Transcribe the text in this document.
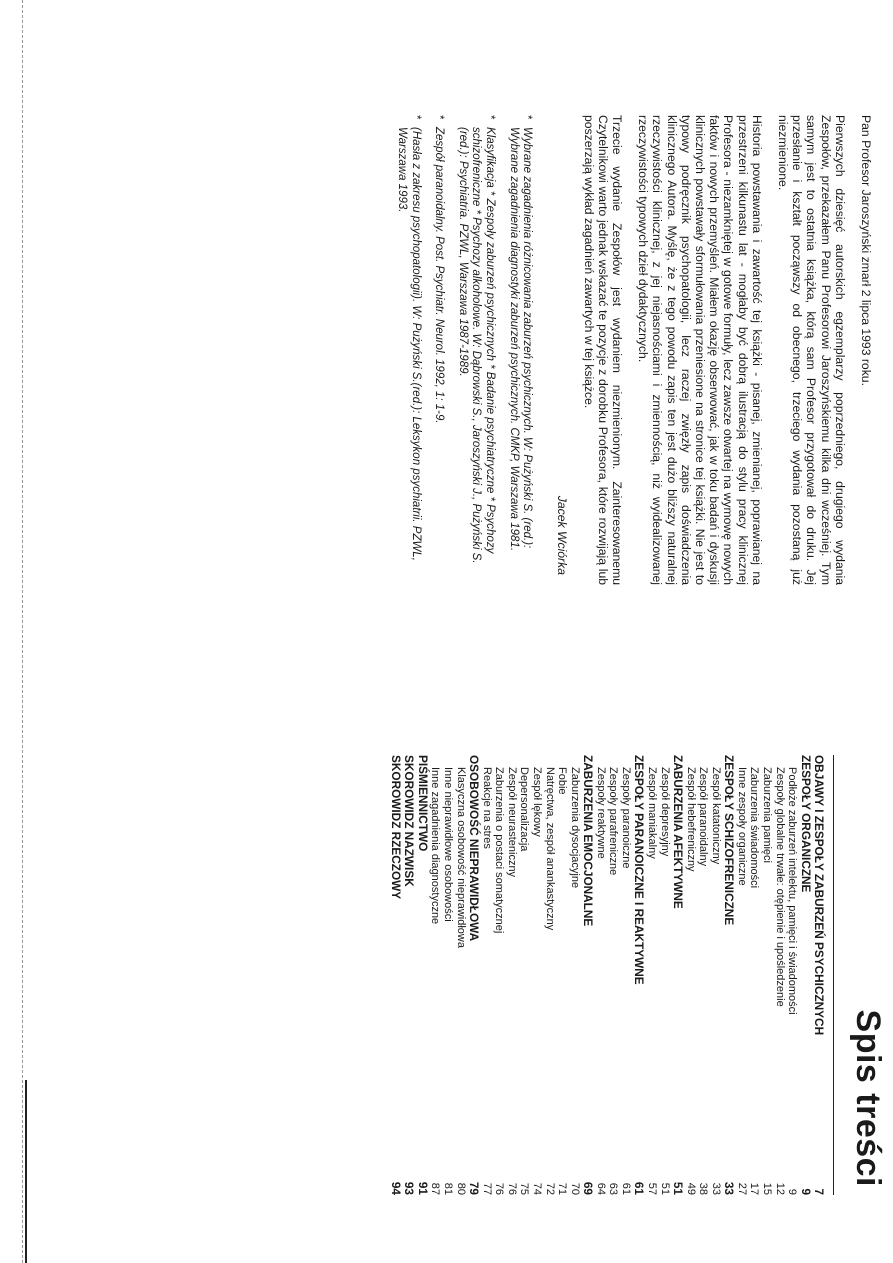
Pan Profesor Jaroszyński zmarł 2 lipca 1993 roku.

Pierwszych dziesięć autorskich egzemplarzy poprzedniego, drugiego wydania Zespołów, przekazałem Panu Profesorowi Jaroszyńskiemu kilka dni wcześniej. Tym samym jest to ostatnia książka, którą sam Profesor przygotował do druku. Jej przesłanie i kształt począwszy od obecnego, trzeciego wydania pozostaną już niezmienione.

Historia powstawania i zawartość tej książki - pisanej, zmienianej, poprawianej na przestrzeni kilkunastu lat - mogłaby być dobrą ilustracją do stylu pracy klinicznej Profesora - niezamkniętej w gotowe formuły, lecz zawsze otwartej na wymowę nowych faktów i nowych przemyśleń. Miałem okazję obserwować, jak w toku badań i dyskusji klinicznych powstawały sformułowania przeniesione na stronice tej książki. Nie jest to typowy podręcznik psychopatologii, lecz raczej zwięzły zapis doświadczenia klinicznego Autora. Myślę, że z tego powodu zapis ten jest dużo bliższy naturalnej rzeczywistości klinicznej, z jej niejasnościami i zmiennością, niż wyidealizowanej rzeczywistości typowych dzieł dydaktycznych.

Trzecie wydanie Zespołów jest wydaniem niezmienionym. Zainteresowanemu Czytelnikowi warto jednak wskazać te pozycje z dorobku Profesora, które rozwijają lub poszerzają wykład zagadnień zawartych w tej książce.

Jacek Wciórka
*
Wybrane zagadnienia różnicowania zaburzeń psychicznych. W: Pużyński S. (red.): Wybrane zagadnienia diagnostyki zaburzeń psychicznych. CMKP, Warszawa 1981.
*
Klasyfikacja * Zespoły zaburzeń psychicznych * Badanie psychiatryczne * Psychozy schizofreniczne * Psychozy alkoholowe. W: Dąbrowski S., Jaroszyński J., Pużyński S. (red.): Psychiatria. PZWL, Warszawa 1987-1989.
*
Zespół paranoidalny. Post. Psychiatr. Neurol. 1992, 1: 1-9.
*
(Hasła z zakresu psychopatologii). W: Pużyński S.(red.): Leksykon psychiatrii. PZWL, Warszawa 1993.
Spis treści
OBJAWY I ZESPOŁY ZABURZEŃ PSYCHICZNYCH
7
ZESPOŁY ORGANICZNE
9
Podłoże zaburzeń intelektu, pamięci i świadomości
9
Zespoły globalne trwałe: otępienie i upośledzenie
12
Zaburzenia pamięci
15
Zaburzenia świadomości
17
Inne zespoły organiczne
27
ZESPOŁY SCHIZOFRENICZNE
33
Zespół katatoniczny
33
Zespół paranoidalny
38
Zespół hebefreniczny
49
ZABURZENIA AFEKTYWNE
51
Zespół depresyjny
51
Zespół maniakalny
57
ZESPOŁY PARANOICZNE I REAKTYWNE
61
Zespoły paranoiczne
61
Zespoły parafreniczne
63
Zespoły reaktywne
64
ZABURZENIA EMOCJONALNE
69
Zaburzenia dysocjacyjne
70
Fobie
71
Natręctwa, zespół anankastyczny
72
Zespół lękowy
74
Depersonalizacja
75
Zespół neurasteniczny
76
Zaburzenia o postaci somatycznej
76
Reakcje na stres
77
OSOBOWOŚĆ NIEPRAWIDŁOWA
79
Klasyczna osobowość nieprawidłowa
80
Inne nieprawidłowe osobowości
81
Inne zagadnienia diagnostyczne
87
PIŚMIENNICTWO
91
SKOROWIDZ NAZWISK
93
SKOROWIDZ RZECZOWY
94
